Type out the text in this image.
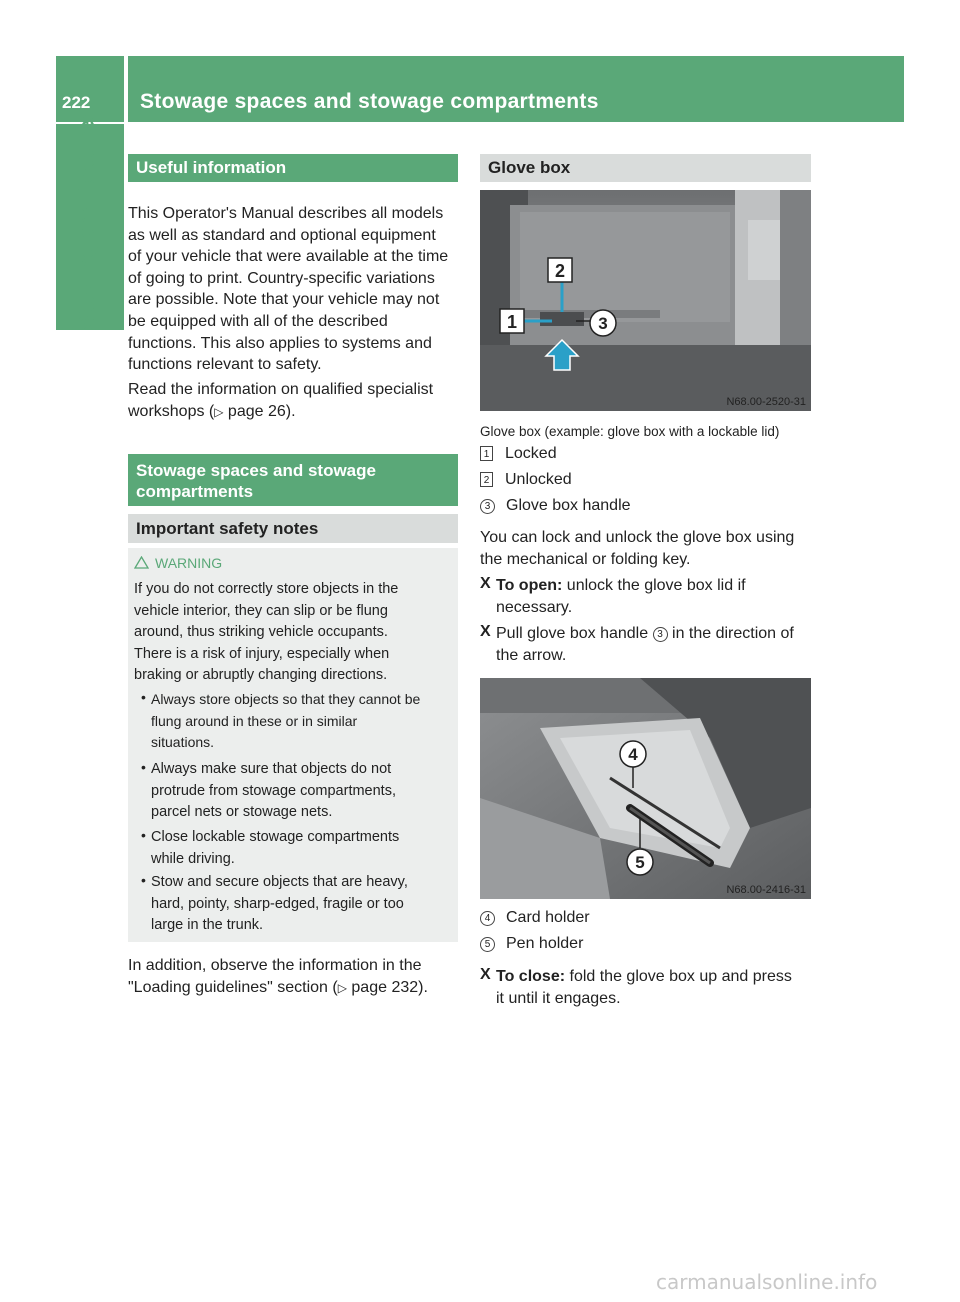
222 Stowage spaces and stowage compartments
Stowing and features	Useful information
This Operator's Manual describes all models
as well as standard and optional equipment
of your vehicle that were available at the time
of going to print. Country-specific variations
are possible. Note that your vehicle may not
be equipped with all of the described
functions. This also applies to systems and
functions relevant to safety.
Read the information on qualified specialist
workshops (▷ page 26).
Stowage spaces and stowage
compartments
Important safety notes
WARNING
If you do not correctly store objects in the
vehicle interior, they can slip or be flung
around, thus striking vehicle occupants.
There is a risk of injury, especially when
braking or abruptly changing directions.
• Always store objects so that they cannot be
flung around in these or in similar
situations.
• Always make sure that objects do not
protrude from stowage compartments,
parcel nets or stowage nets.
• Close lockable stowage compartments
while driving.
• Stow and secure objects that are heavy,
hard, pointy, sharp-edged, fragile or too
large in the trunk.
In addition, observe the information in the
"Loading guidelines" section (▷ page 232).
Glove box
2
1	3
N68.00-2520-31
Glove box (example: glove box with a lockable lid)
1 Locked
2 Unlocked
3 Glove box handle
You can lock and unlock the glove box using
the mechanical or folding key.
X To open: unlock the glove box lid if
necessary.
X Pull glove box handle 3 in the direction of
the arrow.
4
5
N68.00-2416-31
4 Card holder
5 Pen holder
X To close: fold the glove box up and press
it until it engages.
carmanualsonline.info
